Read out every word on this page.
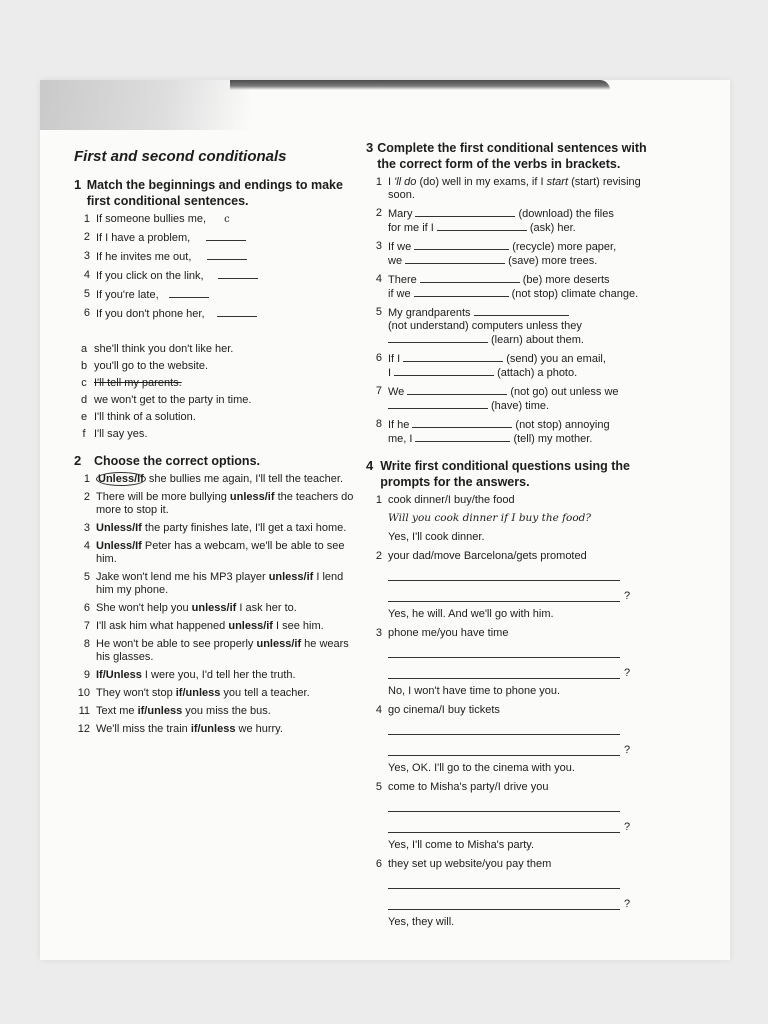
First and second conditionals
1 Match the beginnings and endings to make first conditional sentences.
1 If someone bullies me, c
2 If I have a problem,
3 If he invites me out,
4 If you click on the link,
5 If you're late,
6 If you don't phone her,
a she'll think you don't like her.
b you'll go to the website.
c I'll tell my parents.
d we won't get to the party in time.
e I'll think of a solution.
f I'll say yes.
2	Choose the correct options.
1 Unless/If she bullies me again, I'll tell the teacher.
2 There will be more bullying unless/if the teachers do more to stop it.
3 Unless/If the party finishes late, I'll get a taxi home.
4 Unless/If Peter has a webcam, we'll be able to see him.
5 Jake won't lend me his MP3 player unless/if I lend him my phone.
6 She won't help you unless/if I ask her to.
7 I'll ask him what happened unless/if I see him.
8 He won't be able to see properly unless/if he wears his glasses.
9 If/Unless I were you, I'd tell her the truth.
10 They won't stop if/unless you tell a teacher.
11 Text me if/unless you miss the bus.
12 We'll miss the train if/unless we hurry.
3 Complete the first conditional sentences with the correct form of the verbs in brackets.
1 I 'll do (do) well in my exams, if I start (start) revising soon.
2 Mary	(download) the files
for me if I	(ask) her.
3 If we	(recycle) more paper,
we	(save) more trees.
4 There	(be) more deserts
if we	(not stop) climate change.
5 My grandparents
(not understand) computers unless they
(learn) about them.
6 If I	(send) you an email,
I	(attach) a photo.
7 We	(not go) out unless we
(have) time.
8 If he	(not stop) annoying
me, I	(tell) my mother.
4 Write first conditional questions using the prompts for the answers.
1 cook dinner/I buy/the food
Will you cook dinner if I buy the food?
Yes, I'll cook dinner.
2 your dad/move Barcelona/gets promoted
?
Yes, he will. And we'll go with him.
3 phone me/you have time
?
No, I won't have time to phone you.
4 go cinema/I buy tickets
?
Yes, OK. I'll go to the cinema with you.
5 come to Misha's party/I drive you
?
Yes, I'll come to Misha's party.
6 they set up website/you pay them
?
Yes, they will.
